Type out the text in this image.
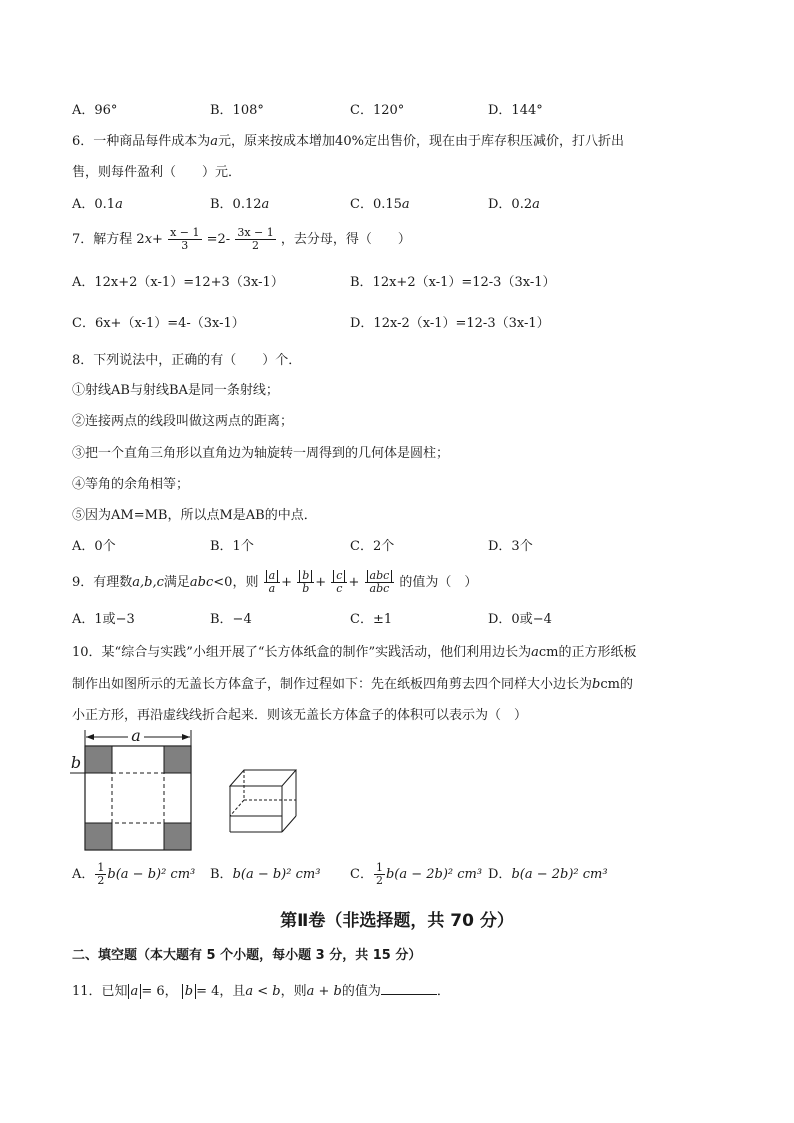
A．96°	B．108°	C．120°	D．144°
6．一种商品每件成本为a元，原来按成本增加40%定出售价，现在由于库存积压减价，打八折出
售，则每件盈利（　　）元．
A．0.1a	B．0.12a	C．0.15a	D．0.2a
7．解方程 $2x+ \frac{x - 1}{3} =2- \frac{3x - 1}{2}$ ，去分母，得（　　）
A．12x+2（x-1）=12+3（3x-1）	B．12x+2（x-1）=12-3（3x-1）
C．6x+（x-1）=4-（3x-1）	D．12x-2（x-1）=12-3（3x-1）
8．下列说法中，正确的有（　　）个．
①射线AB与射线BA是同一条射线；
②连接两点的线段叫做这两点的距离；
③把一个直角三角形以直角边为轴旋转一周得到的几何体是圆柱；
④等角的余角相等；
⑤因为AM=MB，所以点M是AB的中点．
A．0个	B．1个	C．2个	D．3个
9．有理数a,b,c满足abc<0，则 $\frac{a}{a} + \frac{b}{b} + \frac{c}{c} + \frac{\text{abc}}{\text{abc}}$ 的值为（　）
A．1或−3	B．−4	C．±1	D．0或−4
10．某“综合与实践”小组开展了“长方体纸盒的制作”实践活动，他们利用边长为acm的正方形纸板
制作出如图所示的无盖长方体盒子，制作过程如下：先在纸板四角剪去四个同样大小边长为bcm的
小正方形，再沿虚线线折合起来．则该无盖长方体盒子的体积可以表示为（　）
a
b
A． $\frac{1}{2} b(a - b)^2$ cm³ B．b(a − b)² cm³ C． $\frac{1}{2} b(a - 2b)^2$ cm³ D．b(a − 2b)² cm³
第Ⅱ卷（非选择题，共 70 分）
二、填空题（本大题有 5 个小题，每小题 3 分，共 15 分）
11．已知 a = 6， b = 4，且a < b，则a + b的值为	．
